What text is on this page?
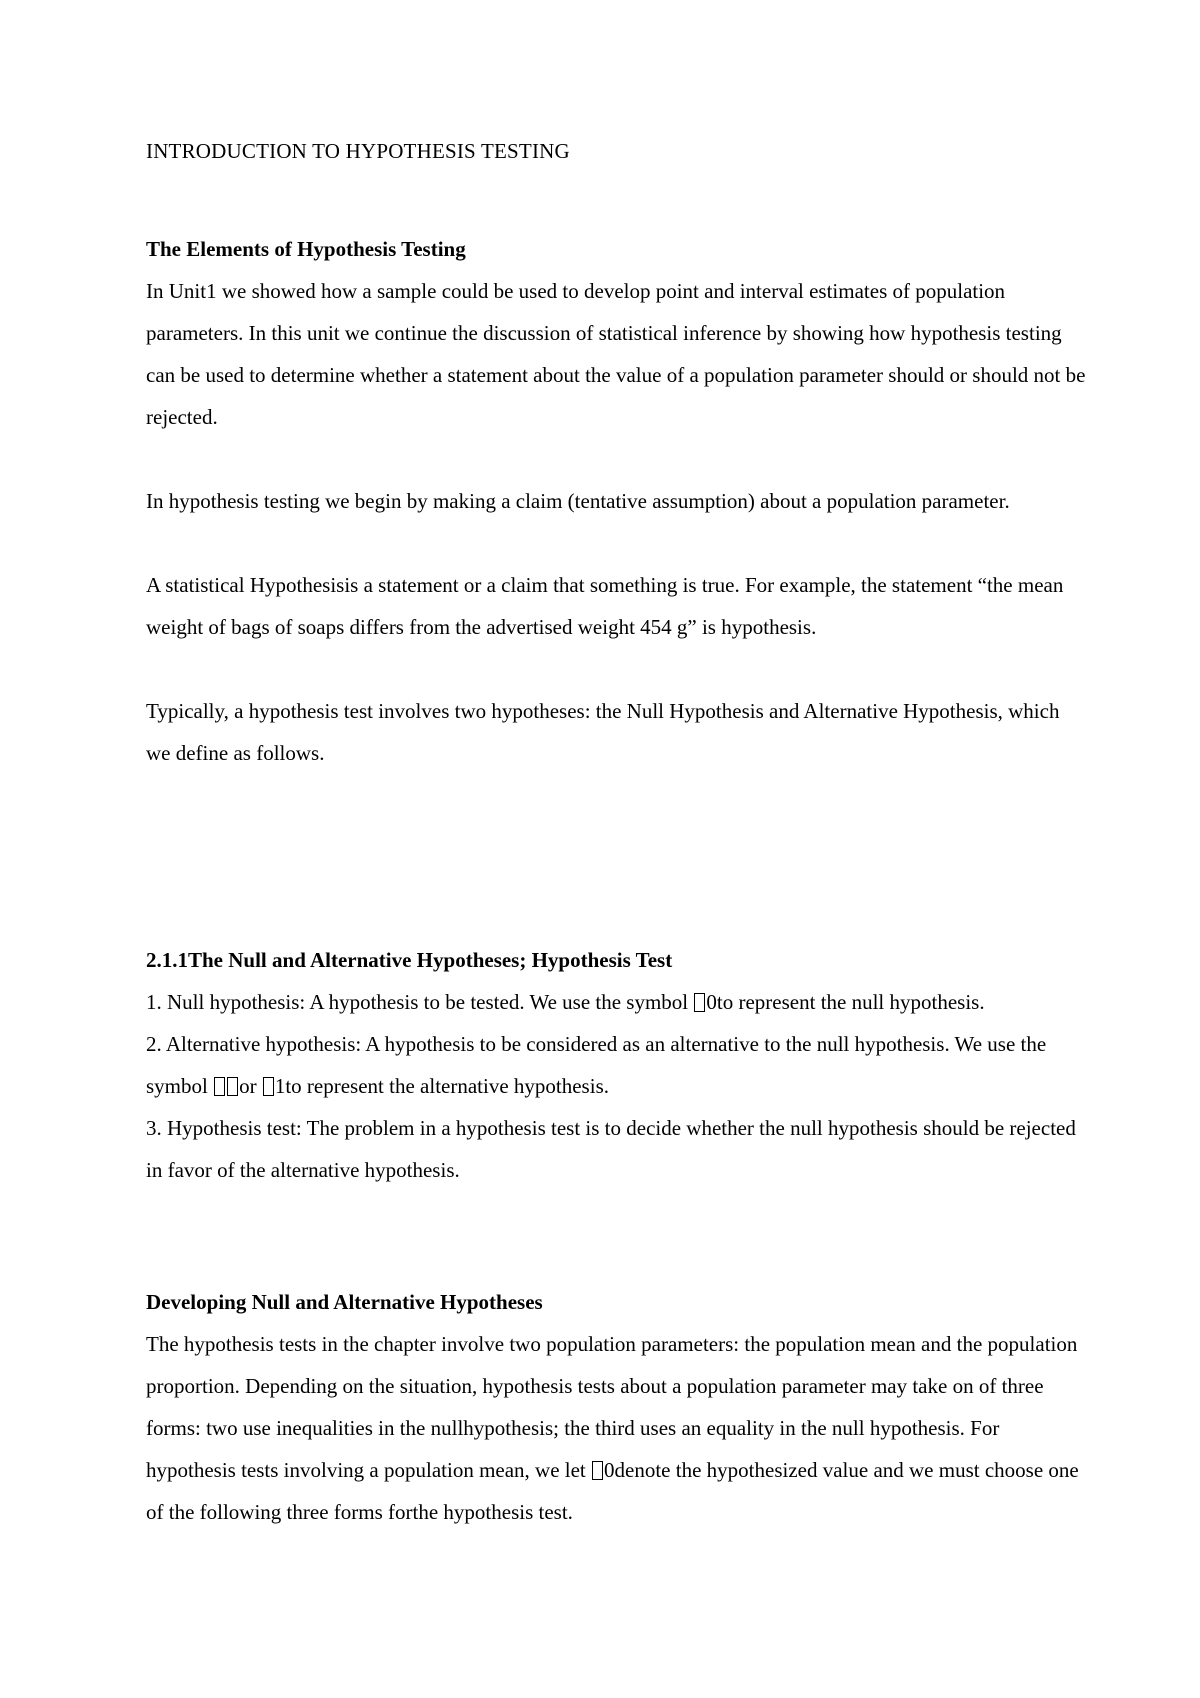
INTRODUCTION TO HYPOTHESIS TESTING

The Elements of Hypothesis Testing

In Unit1 we showed how a sample could be used to develop point and interval estimates of population parameters. In this unit we continue the discussion of statistical inference by showing how hypothesis testing can be used to determine whether a statement about the value of a population parameter should or should not be rejected.

In hypothesis testing we begin by making a claim (tentative assumption) about a population parameter.

A statistical Hypothesisis a statement or a claim that something is true. For example, the statement “the mean weight of bags of soaps differs from the advertised weight 454 g” is hypothesis.

Typically, a hypothesis test involves two hypotheses: the Null Hypothesis and Alternative Hypothesis, which we define as follows.

2.1.1The Null and Alternative Hypotheses; Hypothesis Test

1. Null hypothesis: A hypothesis to be tested. We use the symbol 0to represent the null hypothesis.

2. Alternative hypothesis: A hypothesis to be considered as an alternative to the null hypothesis. We use the symbol or 1to represent the alternative hypothesis.

3. Hypothesis test: The problem in a hypothesis test is to decide whether the null hypothesis should be rejected in favor of the alternative hypothesis.

Developing Null and Alternative Hypotheses

The hypothesis tests in the chapter involve two population parameters: the population mean and the population proportion. Depending on the situation, hypothesis tests about a population parameter may take on of three forms: two use inequalities in the nullhypothesis; the third uses an equality in the null hypothesis. For hypothesis tests involving a population mean, we let 0denote the hypothesized value and we must choose one of the following three forms forthe hypothesis test.
